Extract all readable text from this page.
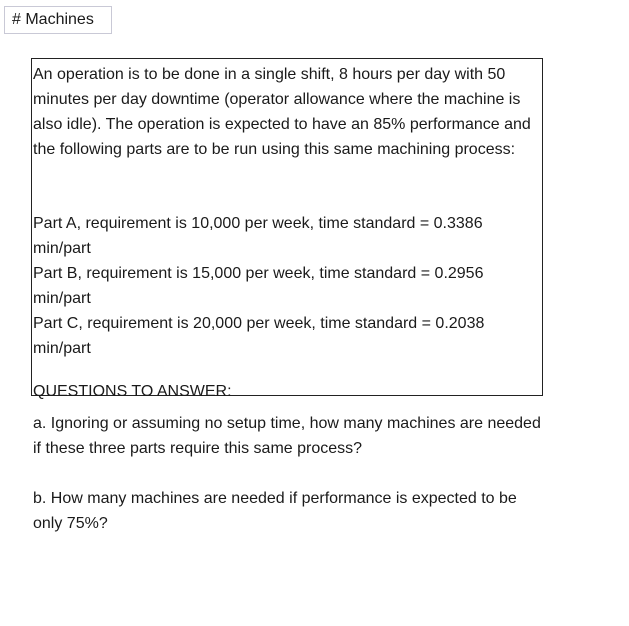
# Machines

An operation is to be done in a single shift, 8 hours per day with 50 minutes per day downtime (operator allowance where the machine is also idle). The operation is expected to have an 85% performance and the following parts are to be run using this same machining process:

Part A, requirement is 10,000 per week, time standard = 0.3386 min/part

Part B, requirement is 15,000 per week, time standard = 0.2956 min/part

Part C, requirement is 20,000 per week, time standard = 0.2038 min/part

QUESTIONS TO ANSWER:

a. Ignoring or assuming no setup time, how many machines are needed if these three parts require this same process?

b. How many machines are needed if performance is expected to be only 75%?
